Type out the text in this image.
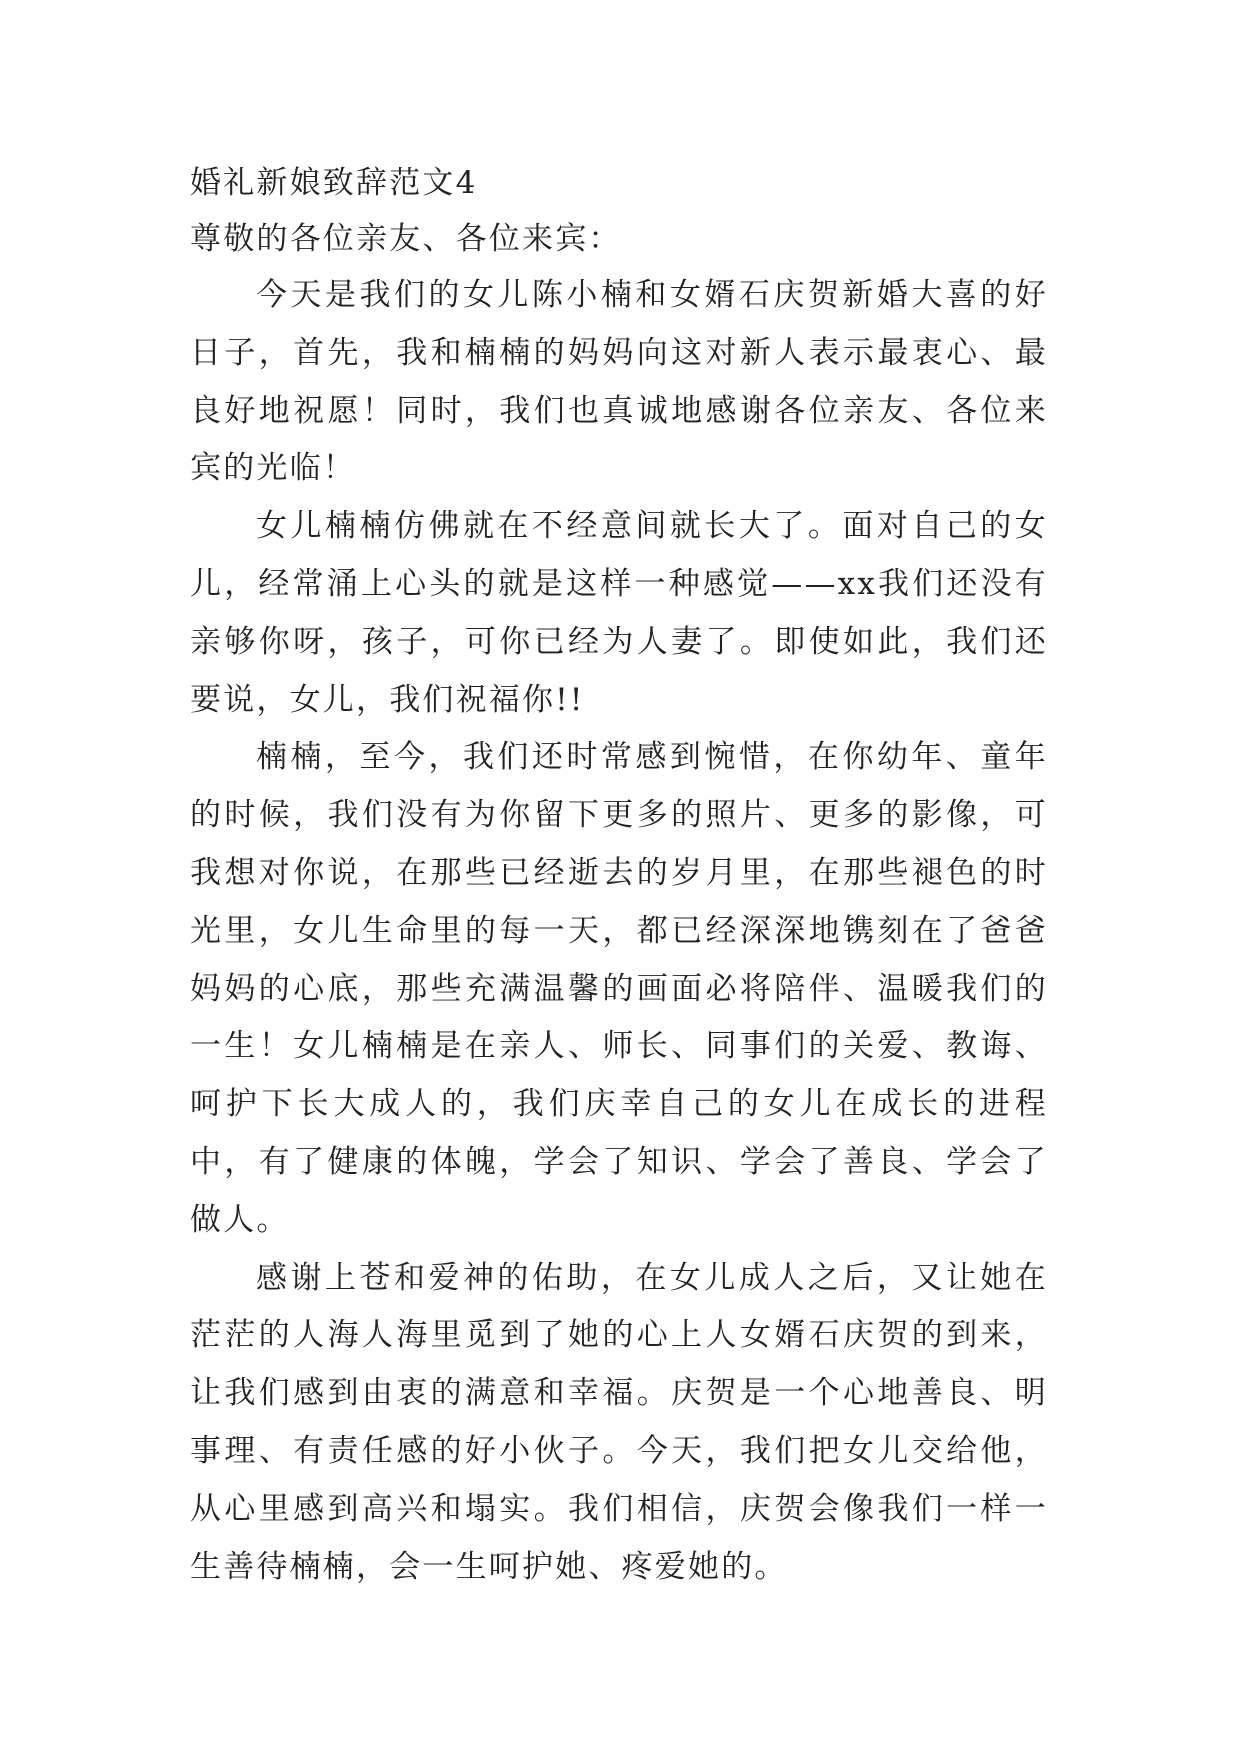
婚礼新娘致辞范文4
尊敬的各位亲友、各位来宾：

今天是我们的女儿陈小楠和女婿石庆贺新婚大喜的好日子，首先，我和楠楠的妈妈向这对新人表示最衷心、最良好地祝愿！同时，我们也真诚地感谢各位亲友、各位来宾的光临！

女儿楠楠仿佛就在不经意间就长大了。面对自己的女儿，经常涌上心头的就是这样一种感觉——xx我们还没有亲够你呀，孩子，可你已经为人妻了。即使如此，我们还要说，女儿，我们祝福你!!

楠楠，至今，我们还时常感到惋惜，在你幼年、童年的时候，我们没有为你留下更多的照片、更多的影像，可我想对你说，在那些已经逝去的岁月里，在那些褪色的时光里，女儿生命里的每一天，都已经深深地镌刻在了爸爸妈妈的心底，那些充满温馨的画面必将陪伴、温暖我们的一生！女儿楠楠是在亲人、师长、同事们的关爱、教诲、呵护下长大成人的，我们庆幸自己的女儿在成长的进程中，有了健康的体魄，学会了知识、学会了善良、学会了做人。

感谢上苍和爱神的佑助，在女儿成人之后，又让她在茫茫的人海人海里觅到了她的心上人女婿石庆贺的到来，让我们感到由衷的满意和幸福。庆贺是一个心地善良、明事理、有责任感的好小伙子。今天，我们把女儿交给他，从心里感到高兴和塌实。我们相信，庆贺会像我们一样一生善待楠楠，会一生呵护她、疼爱她的。
